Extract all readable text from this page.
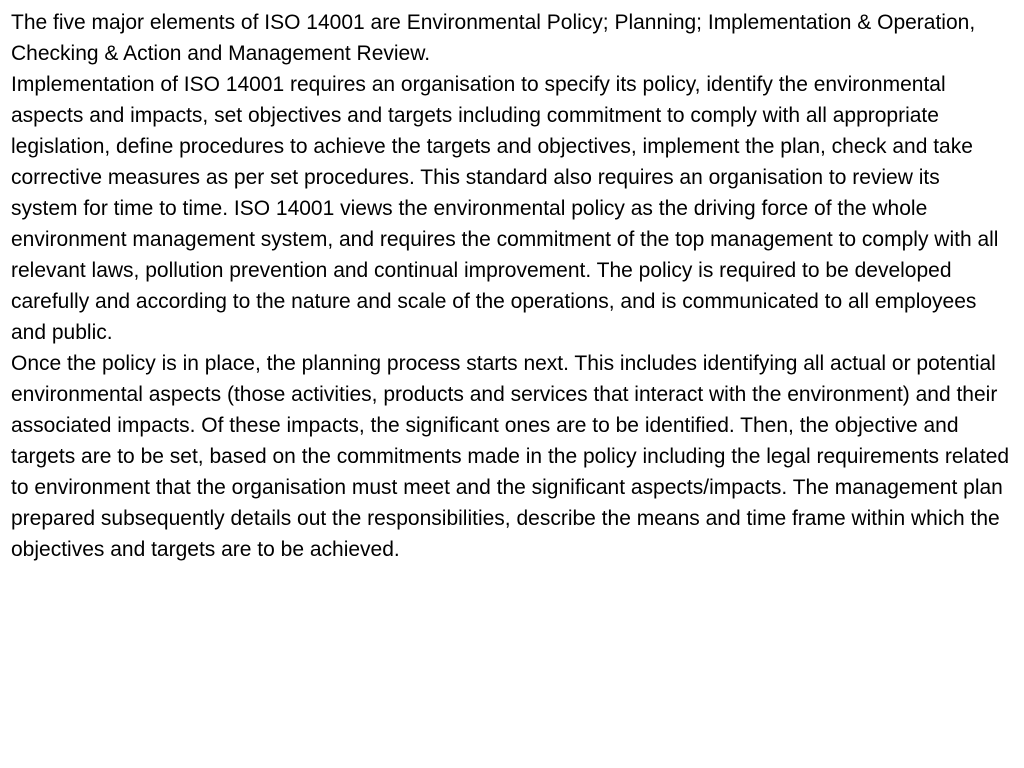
The five major elements of ISO 14001 are Environmental Policy; Planning; Implementation & Operation, Checking & Action and Management Review.

Implementation of ISO 14001 requires an organisation to specify its policy, identify the environmental aspects and impacts, set objectives and targets including commitment to comply with all appropriate legislation, define procedures to achieve the targets and objectives, implement the plan, check and take corrective measures as per set procedures. This standard also requires an organisation to review its system for time to time. ISO 14001 views the environmental policy as the driving force of the whole environment management system, and requires the commitment of the top management to comply with all relevant laws, pollution prevention and continual improvement. The policy is required to be developed carefully and according to the nature and scale of the operations, and is communicated to all employees and public.

Once the policy is in place, the planning process starts next. This includes identifying all actual or potential environmental aspects (those activities, products and services that interact with the environment) and their associated impacts. Of these impacts, the significant ones are to be identified. Then, the objective and targets are to be set, based on the commitments made in the policy including the legal requirements related to environment that the organisation must meet and the significant aspects/impacts. The management plan prepared subsequently details out the responsibilities, describe the means and time frame within which the objectives and targets are to be achieved.
